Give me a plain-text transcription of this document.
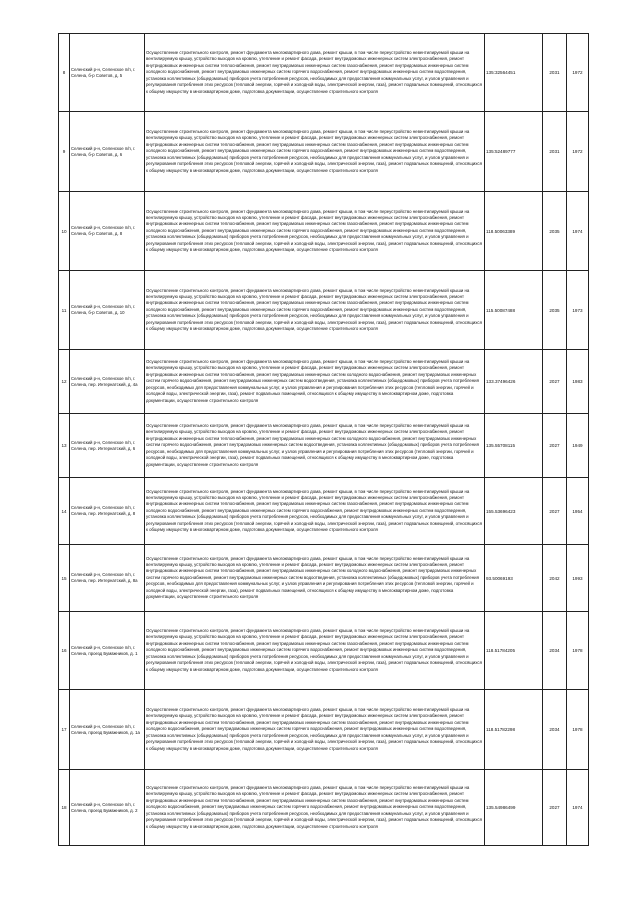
8	Селенский р-н, Селенское п/п, г. Селена, б-р Советов, д. 5	Осуществление строительного контроля, ремонт фундамента многоквартирного дома, ремонт крыши, в том числе переустройство невентилируемой крыши на вентилируемую крышу, устройство выходов на кровлю, утепление и ремонт фасада, ремонт внутридомовых инженерных систем электроснабжения, ремонт внутридомовых инженерных систем теплоснабжения, ремонт внутридомовых инженерных систем газоснабжения, ремонт внутридомовых инженерных систем холодного водоснабжения, ремонт внутридомовых инженерных систем горячего водоснабжения, ремонт внутридомовых инженерных систем водоотведения, установка коллективных (общедомовых) приборов учета потребления ресурсов, необходимых для предоставления коммунальных услуг, и узлов управления и регулирования потребления этих ресурсов (тепловой энергии, горячей и холодной воды, электрической энергии, газа), ремонт подвальных помещений, относящихся к общему имуществу в многоквартирном доме, подготовка документации, осуществление строительного контроля	135:32564451	2031	1972
9	Селенский р-н, Селенское п/п, г. Селена, б-р Советов, д. 6	Осуществление строительного контроля, ремонт фундамента многоквартирного дома, ремонт крыши, в том числе переустройство невентилируемой крыши на вентилируемую крышу, устройство выходов на кровлю, утепление и ремонт фасада, ремонт внутридомовых инженерных систем электроснабжения, ремонт внутридомовых инженерных систем теплоснабжения, ремонт внутридомовых инженерных систем газоснабжения, ремонт внутридомовых инженерных систем холодного водоснабжения, ремонт внутридомовых инженерных систем горячего водоснабжения, ремонт внутридомовых инженерных систем водоотведения, установка коллективных (общедомовых) приборов учета потребления ресурсов, необходимых для предоставления коммунальных услуг, и узлов управления и регулирования потребления этих ресурсов (тепловой энергии, горячей и холодной воды, электрической энергии, газа), ремонт подвальных помещений, относящихся к общему имуществу в многоквартирном доме, подготовка документации, осуществление строительного контроля	135:52489777	2031	1972
10	Селенский р-н, Селенское п/п, г. Селена, б-р Советов, д. 8	Осуществление строительного контроля, ремонт фундамента многоквартирного дома, ремонт крыши, в том числе переустройство невентилируемой крыши на вентилируемую крышу, устройство выходов на кровлю, утепление и ремонт фасада, ремонт внутридомовых инженерных систем электроснабжения, ремонт внутридомовых инженерных систем теплоснабжения, ремонт внутридомовых инженерных систем газоснабжения, ремонт внутридомовых инженерных систем холодного водоснабжения, ремонт внутридомовых инженерных систем горячего водоснабжения, ремонт внутридомовых инженерных систем водоотведения, установка коллективных (общедомовых) приборов учета потребления ресурсов, необходимых для предоставления коммунальных услуг, и узлов управления и регулирования потребления этих ресурсов (тепловой энергии, горячей и холодной воды, электрической энергии, газа), ремонт подвальных помещений, относящихся к общему имуществу в многоквартирном доме, подготовка документации, осуществление строительного контроля	118.50063389	2035	1974
11	Селенский р-н, Селенское п/п, г. Селена, б-р Советов, д. 10	Осуществление строительного контроля, ремонт фундамента многоквартирного дома, ремонт крыши, в том числе переустройство невентилируемой крыши на вентилируемую крышу, устройство выходов на кровлю, утепление и ремонт фасада, ремонт внутридомовых инженерных систем электроснабжения, ремонт внутридомовых инженерных систем теплоснабжения, ремонт внутридомовых инженерных систем газоснабжения, ремонт внутридомовых инженерных систем холодного водоснабжения, ремонт внутридомовых инженерных систем горячего водоснабжения, ремонт внутридомовых инженерных систем водоотведения, установка коллективных (общедомовых) приборов учета потребления ресурсов, необходимых для предоставления коммунальных услуг, и узлов управления и регулирования потребления этих ресурсов (тепловой энергии, горячей и холодной воды, электрической энергии, газа), ремонт подвальных помещений, относящихся к общему имуществу в многоквартирном доме, подготовка документации, осуществление строительного контроля	115.50087488	2035	1973
12	Селенский р-н, Селенское п/п, г. Селена, пер. Интернатский, д. 4а	Осуществление строительного контроля, ремонт фундамента многоквартирного дома, ремонт крыши, в том числе переустройство невентилируемой крыши на вентилируемую крышу, устройство выходов на кровлю, утепление и ремонт фасада, ремонт внутридомовых инженерных систем электроснабжения, ремонт внутридомовых инженерных систем теплоснабжения, ремонт внутридомовых инженерных систем холодного водоснабжения, ремонт внутридомовых инженерных систем горячего водоснабжения, ремонт внутридомовых инженерных систем водоотведения, установка коллективных (общедомовых) приборов учета потребления ресурсов, необходимых для предоставления коммунальных услуг, и узлов управления и регулирования потребления этих ресурсов (тепловой энергии, горячей и холодной воды, электрической энергии, газа), ремонт подвальных помещений, относящихся к общему имуществу в многоквартирном доме, подготовка документации, осуществление строительного контроля	133.37496426	2027	1983
13	Селенский р-н, Селенское п/п, г. Селена, пер. Интернатский, д. 6	Осуществление строительного контроля, ремонт фундамента многоквартирного дома, ремонт крыши, в том числе переустройство невентилируемой крыши на вентилируемую крышу, устройство выходов на кровлю, утепление и ремонт фасада, ремонт внутридомовых инженерных систем электроснабжения, ремонт внутридомовых инженерных систем теплоснабжения, ремонт внутридомовых инженерных систем холодного водоснабжения, ремонт внутридомовых инженерных систем горячего водоснабжения, ремонт внутридомовых инженерных систем водоотведения, установка коллективных (общедомовых) приборов учета потребления ресурсов, необходимых для предоставления коммунальных услуг, и узлов управления и регулирования потребления этих ресурсов (тепловой энергии, горячей и холодной воды, электрической энергии, газа), ремонт подвальных помещений, относящихся к общему имуществу в многоквартирном доме, подготовка документации, осуществление строительного контроля	135.55708115	2027	1949
14	Селенский р-н, Селенское п/п, г. Селена, пер. Интернатский, д. 8	Осуществление строительного контроля, ремонт фундамента многоквартирного дома, ремонт крыши, в том числе переустройство невентилируемой крыши на вентилируемую крышу, устройство выходов на кровлю, утепление и ремонт фасада, ремонт внутридомовых инженерных систем электроснабжения, ремонт внутридомовых инженерных систем теплоснабжения, ремонт внутридомовых инженерных систем газоснабжения, ремонт внутридомовых инженерных систем холодного водоснабжения, ремонт внутридомовых инженерных систем горячего водоснабжения, ремонт внутридомовых инженерных систем водоотведения, установка коллективных (общедомовых) приборов учета потребления ресурсов, необходимых для предоставления коммунальных услуг, и узлов управления и регулирования потребления этих ресурсов (тепловой энергии, горячей и холодной воды, электрической энергии, газа), ремонт подвальных помещений, относящихся к общему имуществу в многоквартирном доме, подготовка документации, осуществление строительного контроля	155.53696423	2027	1954
15	Селенский р-н, Селенское п/п, г. Селена, пер. Интернатский, д. 8а	Осуществление строительного контроля, ремонт фундамента многоквартирного дома, ремонт крыши, в том числе переустройство невентилируемой крыши на вентилируемую крышу, устройство выходов на кровлю, утепление и ремонт фасада, ремонт внутридомовых инженерных систем электроснабжения, ремонт внутридомовых инженерных систем теплоснабжения, ремонт внутридомовых инженерных систем холодного водоснабжения, ремонт внутридомовых инженерных систем горячего водоснабжения, ремонт внутридомовых инженерных систем водоотведения, установка коллективных (общедомовых) приборов учета потребления ресурсов, необходимых для предоставления коммунальных услуг, и узлов управления и регулирования потребления этих ресурсов (тепловой энергии, горячей и холодной воды, электрической энергии, газа), ремонт подвальных помещений, относящихся к общему имуществу в многоквартирном доме, подготовка документации, осуществление строительного контроля	93.50069193	2042	1993
16	Селенский р-н, Селенское п/п, г. Селена, проезд Бумажников, д. 1	Осуществление строительного контроля, ремонт фундамента многоквартирного дома, ремонт крыши, в том числе переустройство невентилируемой крыши на вентилируемую крышу, устройство выходов на кровлю, утепление и ремонт фасада, ремонт внутридомовых инженерных систем электроснабжения, ремонт внутридомовых инженерных систем теплоснабжения, ремонт внутридомовых инженерных систем газоснабжения, ремонт внутридомовых инженерных систем холодного водоснабжения, ремонт внутридомовых инженерных систем горячего водоснабжения, ремонт внутридомовых инженерных систем водоотведения, установка коллективных (общедомовых) приборов учета потребления ресурсов, необходимых для предоставления коммунальных услуг, и узлов управления и регулирования потребления этих ресурсов (тепловой энергии, горячей и холодной воды, электрической энергии, газа), ремонт подвальных помещений, относящихся к общему имуществу в многоквартирном доме, подготовка документации, осуществление строительного контроля	118.51784205	2034	1978
17	Селенский р-н, Селенское п/п, г. Селена, проезд Бумажников, д. 1а	Осуществление строительного контроля, ремонт фундамента многоквартирного дома, ремонт крыши, в том числе переустройство невентилируемой крыши на вентилируемую крышу, устройство выходов на кровлю, утепление и ремонт фасада, ремонт внутридомовых инженерных систем электроснабжения, ремонт внутридомовых инженерных систем теплоснабжения, ремонт внутридомовых инженерных систем газоснабжения, ремонт внутридомовых инженерных систем холодного водоснабжения, ремонт внутридомовых инженерных систем горячего водоснабжения, ремонт внутридомовых инженерных систем водоотведения, установка коллективных (общедомовых) приборов учета потребления ресурсов, необходимых для предоставления коммунальных услуг, и узлов управления и регулирования потребления этих ресурсов (тепловой энергии, горячей и холодной воды, электрической энергии, газа), ремонт подвальных помещений, относящихся к общему имуществу в многоквартирном доме, подготовка документации, осуществление строительного контроля	118.51782298	2034	1978
18	Селенский р-н, Селенское п/п, г. Селена, проезд Бумажников, д. 2	Осуществление строительного контроля, ремонт фундамента многоквартирного дома, ремонт крыши, в том числе переустройство невентилируемой крыши на вентилируемую крышу, устройство выходов на кровлю, утепление и ремонт фасада, ремонт внутридомовых инженерных систем электроснабжения, ремонт внутридомовых инженерных систем теплоснабжения, ремонт внутридомовых инженерных систем газоснабжения, ремонт внутридомовых инженерных систем холодного водоснабжения, ремонт внутридомовых инженерных систем горячего водоснабжения, ремонт внутридомовых инженерных систем водоотведения, установка коллективных (общедомовых) приборов учета потребления ресурсов, необходимых для предоставления коммунальных услуг, и узлов управления и регулирования потребления этих ресурсов (тепловой энергии, горячей и холодной воды, электрической энергии, газа), ремонт подвальных помещений, относящихся к общему имуществу в многоквартирном доме, подготовка документации, осуществление строительного контроля	135.54986499	2027	1974
